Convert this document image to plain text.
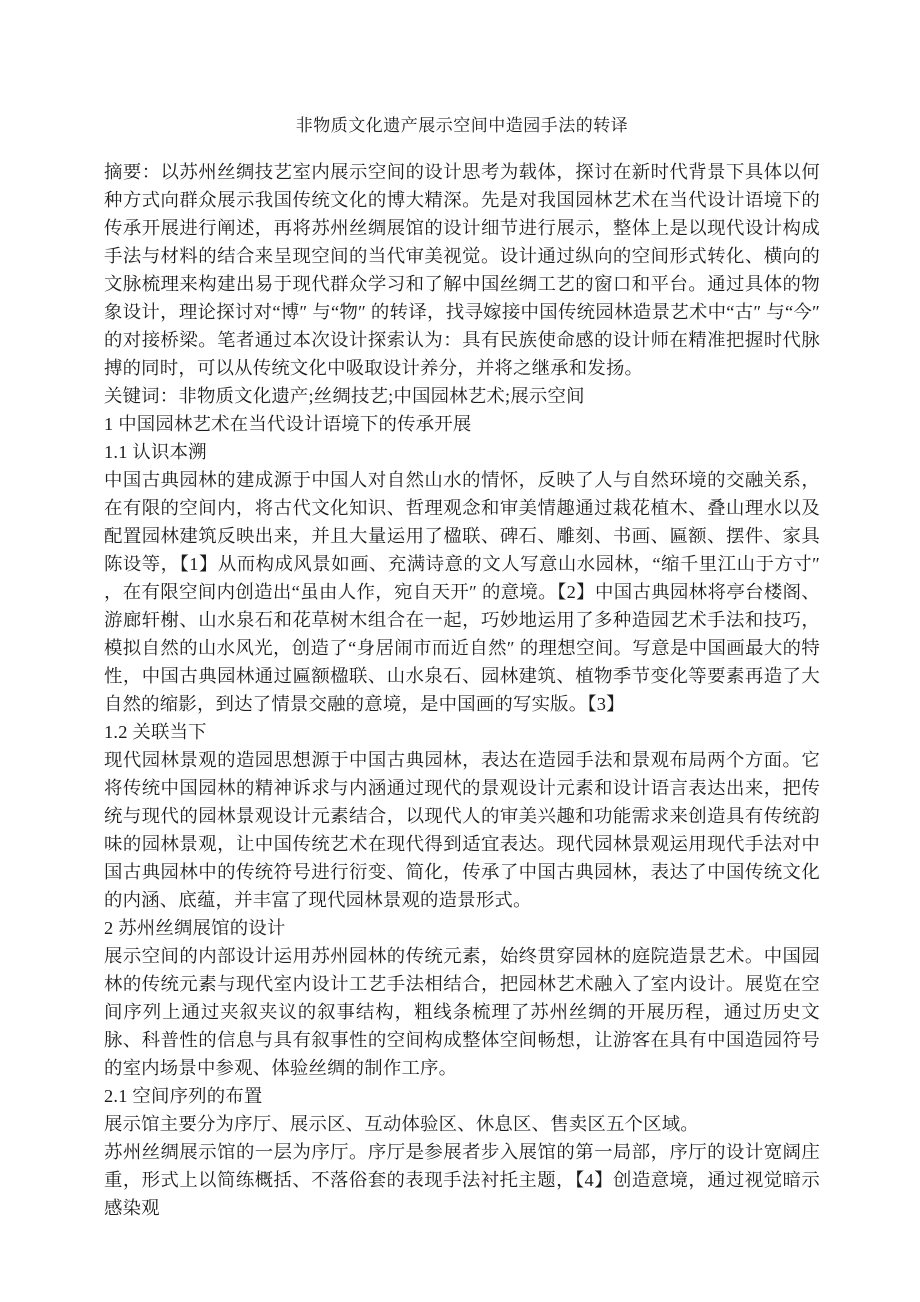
非物质文化遗产展示空间中造园手法的转译

摘要：以苏州丝绸技艺室内展示空间的设计思考为载体，探讨在新时代背景下具体以何种方式向群众展示我国传统文化的博大精深。先是对我国园林艺术在当代设计语境下的传承开展进行阐述，再将苏州丝绸展馆的设计细节进行展示，整体上是以现代设计构成手法与材料的结合来呈现空间的当代审美视觉。设计通过纵向的空间形式转化、横向的文脉梳理来构建出易于现代群众学习和了解中国丝绸工艺的窗口和平台。通过具体的物象设计，理论探讨对“博″ 与“物″ 的转译，找寻嫁接中国传统园林造景艺术中“古″ 与“今″ 的对接桥梁。笔者通过本次设计探索认为：具有民族使命感的设计师在精准把握时代脉搏的同时，可以从传统文化中吸取设计养分，并将之继承和发扬。

关键词：非物质文化遗产;丝绸技艺;中国园林艺术;展示空间

1 中国园林艺术在当代设计语境下的传承开展

1.1 认识本溯

中国古典园林的建成源于中国人对自然山水的情怀，反映了人与自然环境的交融关系，在有限的空间内，将古代文化知识、哲理观念和审美情趣通过栽花植木、叠山理水以及配置园林建筑反映出来，并且大量运用了楹联、碑石、雕刻、书画、匾额、摆件、家具陈设等，【1】从而构成风景如画、充满诗意的文人写意山水园林，“缩千里江山于方寸″ ，在有限空间内创造出“虽由人作，宛自天开″ 的意境。【2】中国古典园林将亭台楼阁、游廊轩榭、山水泉石和花草树木组合在一起，巧妙地运用了多种造园艺术手法和技巧，模拟自然的山水风光，创造了“身居闹市而近自然″ 的理想空间。写意是中国画最大的特性，中国古典园林通过匾额楹联、山水泉石、园林建筑、植物季节变化等要素再造了大自然的缩影，到达了情景交融的意境，是中国画的写实版。【3】

1.2 关联当下

现代园林景观的造园思想源于中国古典园林，表达在造园手法和景观布局两个方面。它将传统中国园林的精神诉求与内涵通过现代的景观设计元素和设计语言表达出来，把传统与现代的园林景观设计元素结合，以现代人的审美兴趣和功能需求来创造具有传统韵味的园林景观，让中国传统艺术在现代得到适宜表达。现代园林景观运用现代手法对中国古典园林中的传统符号进行衍变、简化，传承了中国古典园林，表达了中国传统文化的内涵、底蕴，并丰富了现代园林景观的造景形式。

2 苏州丝绸展馆的设计

展示空间的内部设计运用苏州园林的传统元素，始终贯穿园林的庭院造景艺术。中国园林的传统元素与现代室内设计工艺手法相结合，把园林艺术融入了室内设计。展览在空间序列上通过夹叙夹议的叙事结构，粗线条梳理了苏州丝绸的开展历程，通过历史文脉、科普性的信息与具有叙事性的空间构成整体空间畅想，让游客在具有中国造园符号的室内场景中参观、体验丝绸的制作工序。

2.1 空间序列的布置

展示馆主要分为序厅、展示区、互动体验区、休息区、售卖区五个区域。

苏州丝绸展示馆的一层为序厅。序厅是参展者步入展馆的第一局部，序厅的设计宽阔庄重，形式上以简练概括、不落俗套的表现手法衬托主题，【4】创造意境，通过视觉暗示感染观
